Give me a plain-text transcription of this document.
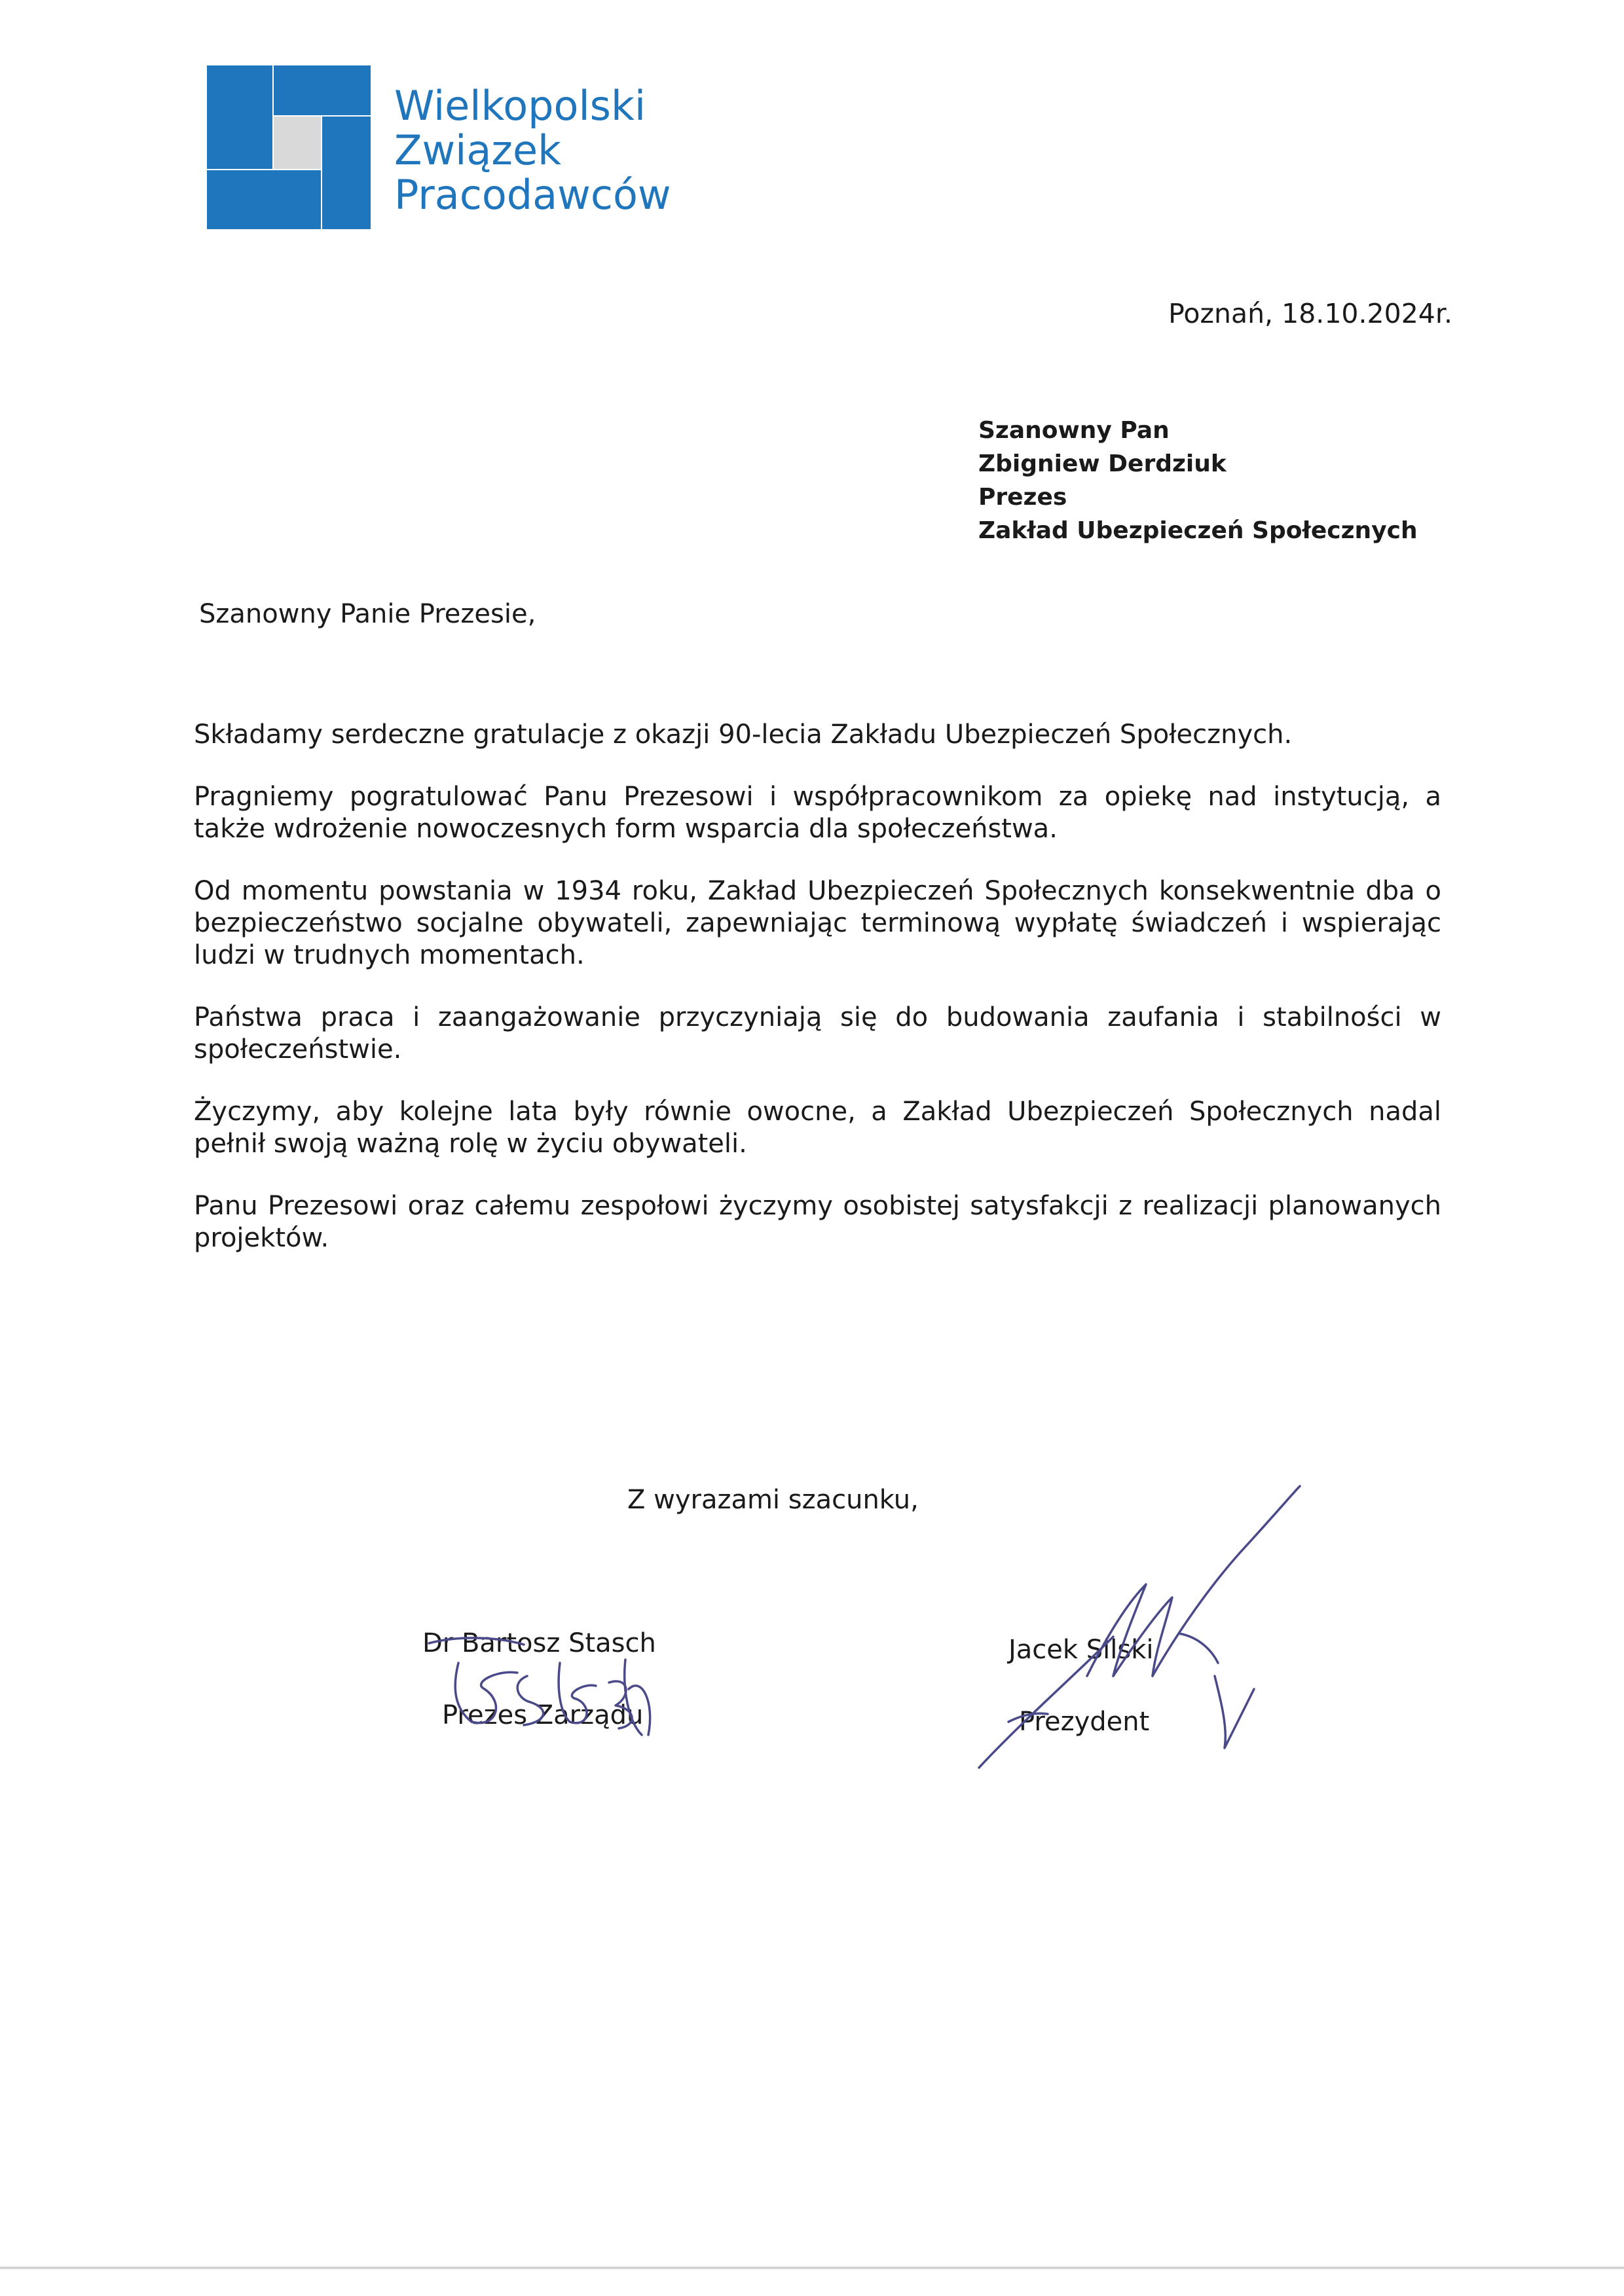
Wielkopolski
Związek
Pracodawców
Poznań, 18.10.2024r.
Szanowny Pan
Zbigniew Derdziuk
Prezes
Zakład Ubezpieczeń Społecznych
Szanowny Panie Prezesie,

Składamy serdeczne gratulacje z okazji 90-lecia Zakładu Ubezpieczeń Społecznych.

Pragniemy pogratulować Panu Prezesowi i współpracownikom za opiekę nad instytucją, a także wdrożenie nowoczesnych form wsparcia dla społeczeństwa.

Od momentu powstania w 1934 roku, Zakład Ubezpieczeń Społecznych konsekwentnie dba o bezpieczeństwo socjalne obywateli, zapewniając terminową wypłatę świadczeń i wspierając ludzi w trudnych momentach.

Państwa praca i zaangażowanie przyczyniają się do budowania zaufania i stabilności w społeczeństwie.

Życzymy, aby kolejne lata były równie owocne, a Zakład Ubezpieczeń Społecznych nadal pełnił swoją ważną rolę w życiu obywateli.

Panu Prezesowi oraz całemu zespołowi życzymy osobistej satysfakcji z realizacji planowanych projektów.

Z wyrazami szacunku,
Dr Bartosz Stasch
Prezes Zarządu
Jacek Silski
Prezydent
